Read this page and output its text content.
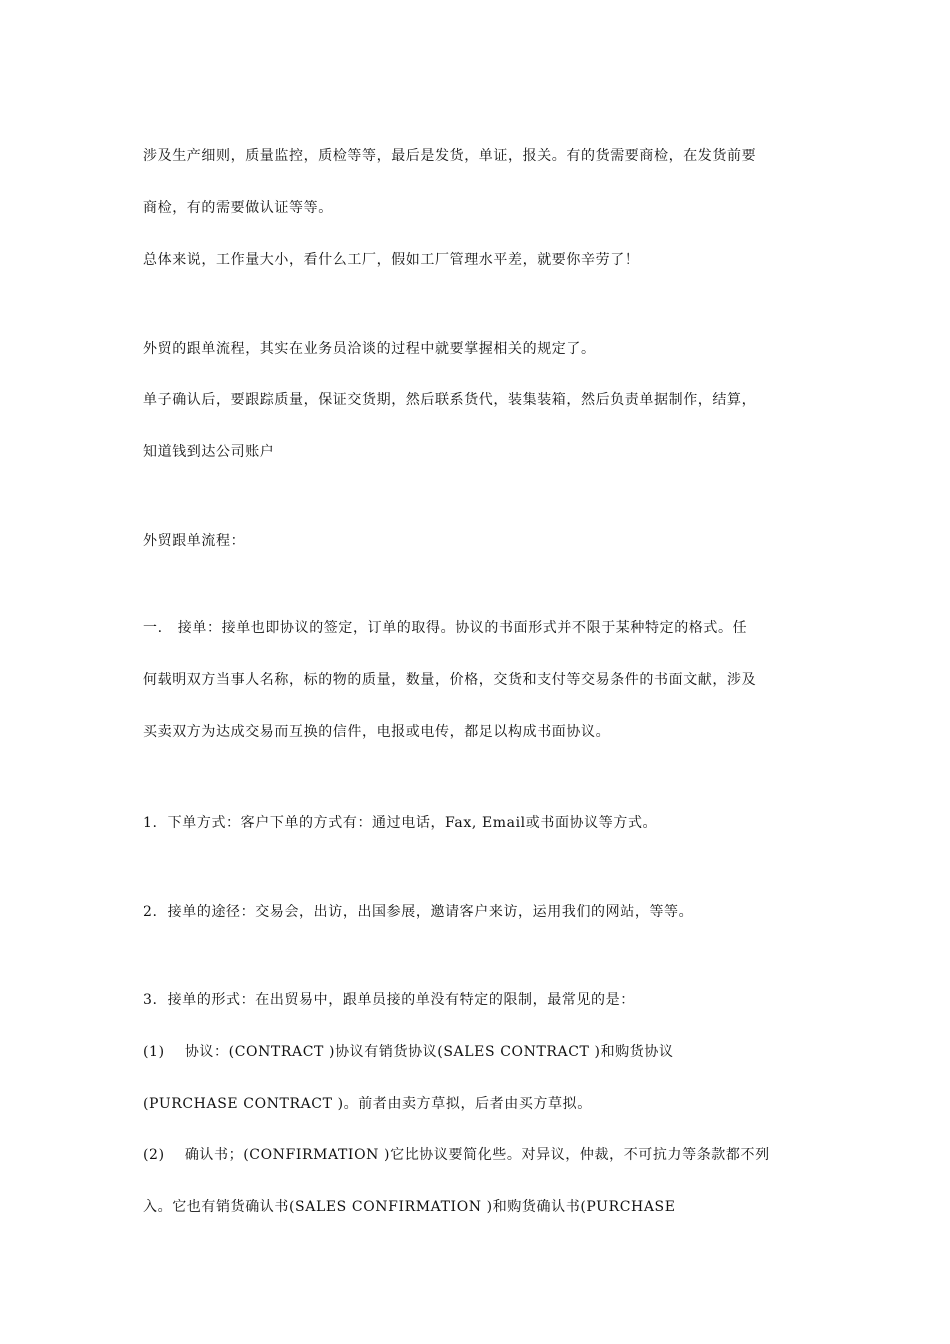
涉及生产细则，质量监控，质检等等，最后是发货，单证，报关。有的货需要商检，在发货前要
商检，有的需要做认证等等。
总体来说，工作量大小，看什么工厂，假如工厂管理水平差，就要你辛劳了！
外贸的跟单流程，其实在业务员洽谈的过程中就要掌握相关的规定了。
单子确认后，要跟踪质量，保证交货期，然后联系货代，装集装箱，然后负责单据制作，结算，
知道钱到达公司账户
外贸跟单流程：
一.   接单：接单也即协议的签定，订单的取得。协议的书面形式并不限于某种特定的格式。任
何载明双方当事人名称，标的物的质量，数量，价格，交货和支付等交易条件的书面文献，涉及
买卖双方为达成交易而互换的信件，电报或电传，都足以构成书面协议。
1.  下单方式：客户下单的方式有：通过电话，Fax, Email或书面协议等方式。
2.  接单的途径：交易会，出访，出国参展，邀请客户来访，运用我们的网站，等等。
3.  接单的形式：在出贸易中，跟单员接的单没有特定的限制，最常见的是：
(1)    协议：(CONTRACT )协议有销货协议(SALES CONTRACT )和购货协议
(PURCHASE CONTRACT )。前者由卖方草拟，后者由买方草拟。
(2)    确认书；(CONFIRMATION )它比协议要简化些。对异议，仲裁，不可抗力等条款都不列
入。它也有销货确认书(SALES CONFIRMATION )和购货确认书(PURCHASE
